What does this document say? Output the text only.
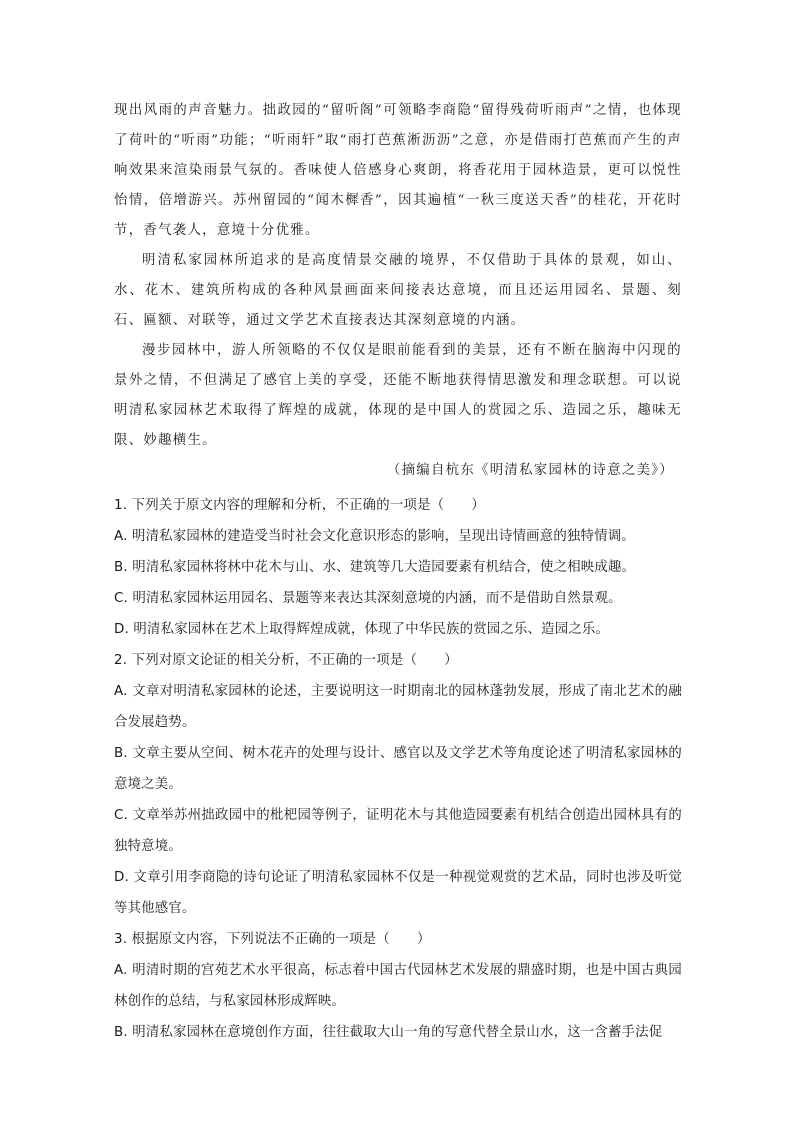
现出风雨的声音魅力。拙政园的“留听阁”可领略李商隐“留得残荷听雨声”之情，也体现了荷叶的“听雨”功能；“听雨轩”取“雨打芭蕉淅沥沥”之意，亦是借雨打芭蕉而产生的声响效果来渲染雨景气氛的。香味使人倍感身心爽朗，将香花用于园林造景，更可以悦性怡情，倍增游兴。苏州留园的“闻木樨香”，因其遍植“一秋三度送天香”的桂花，开花时节，香气袭人，意境十分优雅。

明清私家园林所追求的是高度情景交融的境界，不仅借助于具体的景观，如山、水、花木、建筑所构成的各种风景画面来间接表达意境，而且还运用园名、景题、刻石、匾额、对联等，通过文学艺术直接表达其深刻意境的内涵。

漫步园林中，游人所领略的不仅仅是眼前能看到的美景，还有不断在脑海中闪现的景外之情，不但满足了感官上美的享受，还能不断地获得情思激发和理念联想。可以说明清私家园林艺术取得了辉煌的成就，体现的是中国人的赏园之乐、造园之乐，趣味无限、妙趣横生。

（摘编自杭东《明清私家园林的诗意之美》）

1. 下列关于原文内容的理解和分析，不正确的一项是（　　）

A. 明清私家园林的建造受当时社会文化意识形态的影响，呈现出诗情画意的独特情调。

B. 明清私家园林将林中花木与山、水、建筑等几大造园要素有机结合，使之相映成趣。

C. 明清私家园林运用园名、景题等来表达其深刻意境的内涵，而不是借助自然景观。

D. 明清私家园林在艺术上取得辉煌成就，体现了中华民族的赏园之乐、造园之乐。

2. 下列对原文论证的相关分析，不正确的一项是（　　）

A. 文章对明清私家园林的论述，主要说明这一时期南北的园林蓬勃发展，形成了南北艺术的融合发展趋势。

B. 文章主要从空间、树木花卉的处理与设计、感官以及文学艺术等角度论述了明清私家园林的意境之美。

C. 文章举苏州拙政园中的枇杷园等例子，证明花木与其他造园要素有机结合创造出园林具有的独特意境。

D. 文章引用李商隐的诗句论证了明清私家园林不仅是一种视觉观赏的艺术品，同时也涉及听觉等其他感官。

3. 根据原文内容，下列说法不正确的一项是（　　）

A. 明清时期的宫苑艺术水平很高，标志着中国古代园林艺术发展的鼎盛时期，也是中国古典园林创作的总结，与私家园林形成辉映。

B. 明清私家园林在意境创作方面，往往截取大山一角的写意代替全景山水，这一含蓄手法促
